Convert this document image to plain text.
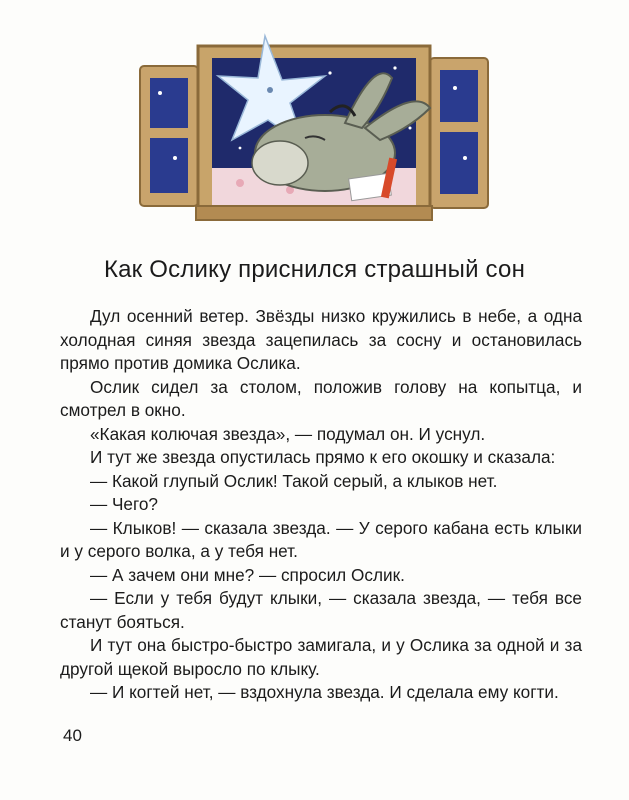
Как Ослику приснился страшный сон

Дул осенний ветер. Звёзды низко кружились в небе, а одна холодная синяя звезда зацепилась за сосну и остановилась прямо против домика Ослика.

Ослик сидел за столом, положив голову на копытца, и смотрел в окно.

«Какая колючая звезда», — подумал он. И уснул.

И тут же звезда опустилась прямо к его окошку и сказала:

— Какой глупый Ослик! Такой серый, а клыков нет.

— Чего?

— Клыков! — сказала звезда. — У серого кабана есть клыки и у серого волка, а у тебя нет.

— А зачем они мне? — спросил Ослик.

— Если у тебя будут клыки, — сказала звезда, — тебя все станут бояться.

И тут она быстро-быстро замигала, и у Ослика за одной и за другой щекой выросло по клыку.

— И когтей нет, — вздохнула звезда. И сделала ему когти.

40
